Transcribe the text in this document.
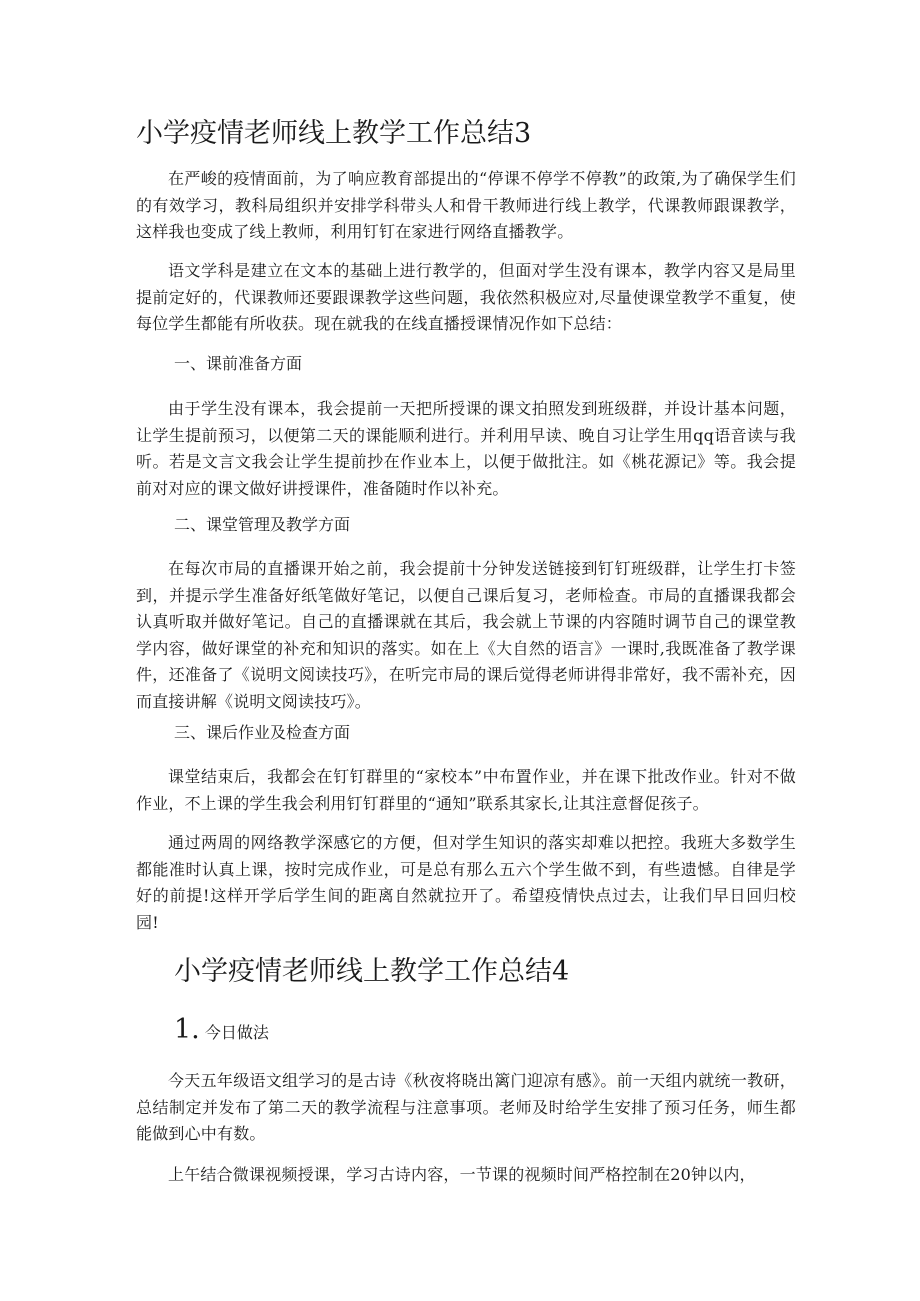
小学疫情老师线上教学工作总结3

在严峻的疫情面前，为了响应教育部提出的“停课不停学不停教”的政策,为了确保学生们的有效学习，教科局组织并安排学科带头人和骨干教师进行线上教学，代课教师跟课教学，这样我也变成了线上教师，利用钉钉在家进行网络直播教学。

语文学科是建立在文本的基础上进行教学的，但面对学生没有课本，教学内容又是局里提前定好的，代课教师还要跟课教学这些问题，我依然积极应对,尽量使课堂教学不重复，使每位学生都能有所收获。现在就我的在线直播授课情况作如下总结：

一、课前准备方面

由于学生没有课本，我会提前一天把所授课的课文拍照发到班级群，并设计基本问题，让学生提前预习，以便第二天的课能顺利进行。并利用早读、晚自习让学生用qq语音读与我听。若是文言文我会让学生提前抄在作业本上，以便于做批注。如《桃花源记》等。我会提前对对应的课文做好讲授课件，准备随时作以补充。

二、课堂管理及教学方面

在每次市局的直播课开始之前，我会提前十分钟发送链接到钉钉班级群，让学生打卡签到，并提示学生准备好纸笔做好笔记，以便自己课后复习，老师检查。市局的直播课我都会认真听取并做好笔记。自己的直播课就在其后，我会就上节课的内容随时调节自己的课堂教学内容，做好课堂的补充和知识的落实。如在上《大自然的语言》一课时,我既准备了教学课件，还准备了《说明文阅读技巧》，在听完市局的课后觉得老师讲得非常好，我不需补充，因而直接讲解《说明文阅读技巧》。

三、课后作业及检查方面

课堂结束后，我都会在钉钉群里的“家校本”中布置作业，并在课下批改作业。针对不做作业，不上课的学生我会利用钉钉群里的“通知”联系其家长,让其注意督促孩子。

通过两周的网络教学深感它的方便，但对学生知识的落实却难以把控。我班大多数学生都能准时认真上课，按时完成作业，可是总有那么五六个学生做不到，有些遗憾。自律是学好的前提!这样开学后学生间的距离自然就拉开了。希望疫情快点过去，让我们早日回归校园!

小学疫情老师线上教学工作总结4

1. 今日做法

今天五年级语文组学习的是古诗《秋夜将晓出篱门迎凉有感》。前一天组内就统一教研，总结制定并发布了第二天的教学流程与注意事项。老师及时给学生安排了预习任务，师生都能做到心中有数。

上午结合微课视频授课，学习古诗内容，一节课的视频时间严格控制在20钟以内，
